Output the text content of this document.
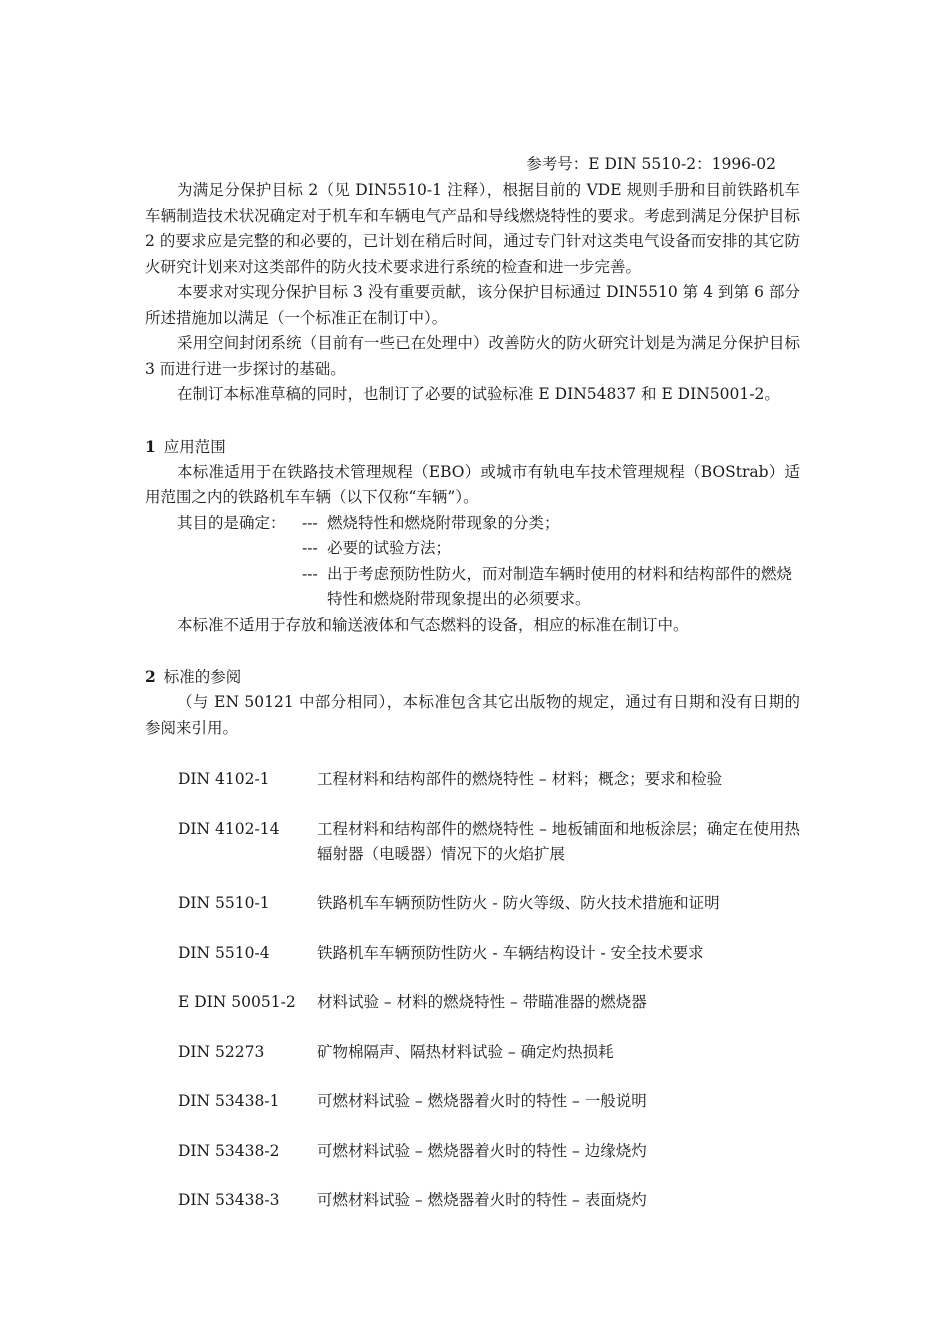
参考号：E DIN 5510-2：1996-02

为满足分保护目标 2（见 DIN5510-1 注释），根据目前的 VDE 规则手册和目前铁路机车车辆制造技术状况确定对于机车和车辆电气产品和导线燃烧特性的要求。考虑到满足分保护目标 2 的要求应是完整的和必要的，已计划在稍后时间，通过专门针对这类电气设备而安排的其它防火研究计划来对这类部件的防火技术要求进行系统的检查和进一步完善。

本要求对实现分保护目标 3 没有重要贡献，该分保护目标通过 DIN5510 第 4 到第 6 部分所述措施加以满足（一个标准正在制订中）。

采用空间封闭系统（目前有一些已在处理中）改善防火的防火研究计划是为满足分保护目标 3 而进行进一步探讨的基础。

在制订本标准草稿的同时，也制订了必要的试验标准 E DIN54837 和 E DIN5001-2。

1 应用范围

本标准适用于在铁路技术管理规程（EBO）或城市有轨电车技术管理规程（BOStrab）适用范围之内的铁路机车车辆（以下仅称“车辆”）。

其目的是确定： --- 燃烧特性和燃烧附带现象的分类；
--- 必要的试验方法；
--- 出于考虑预防性防火，而对制造车辆时使用的材料和结构部件的燃烧特性和燃烧附带现象提出的必须要求。

本标准不适用于存放和输送液体和气态燃料的设备，相应的标准在制订中。

2 标准的参阅

（与 EN 50121 中部分相同），本标准包含其它出版物的规定，通过有日期和没有日期的参阅来引用。

DIN 4102-1	工程材料和结构部件的燃烧特性 – 材料；概念；要求和检验
DIN 4102-14	工程材料和结构部件的燃烧特性 – 地板铺面和地板涂层；确定在使用热辐射器（电暖器）情况下的火焰扩展
DIN 5510-1	铁路机车车辆预防性防火 - 防火等级、防火技术措施和证明
DIN 5510-4	铁路机车车辆预防性防火 - 车辆结构设计 - 安全技术要求
E DIN 50051-2	材料试验 – 材料的燃烧特性 – 带瞄准器的燃烧器
DIN 52273	矿物棉隔声、隔热材料试验 – 确定灼热损耗
DIN 53438-1	可燃材料试验 – 燃烧器着火时的特性 – 一般说明
DIN 53438-2	可燃材料试验 – 燃烧器着火时的特性 – 边缘烧灼
DIN 53438-3	可燃材料试验 – 燃烧器着火时的特性 – 表面烧灼
